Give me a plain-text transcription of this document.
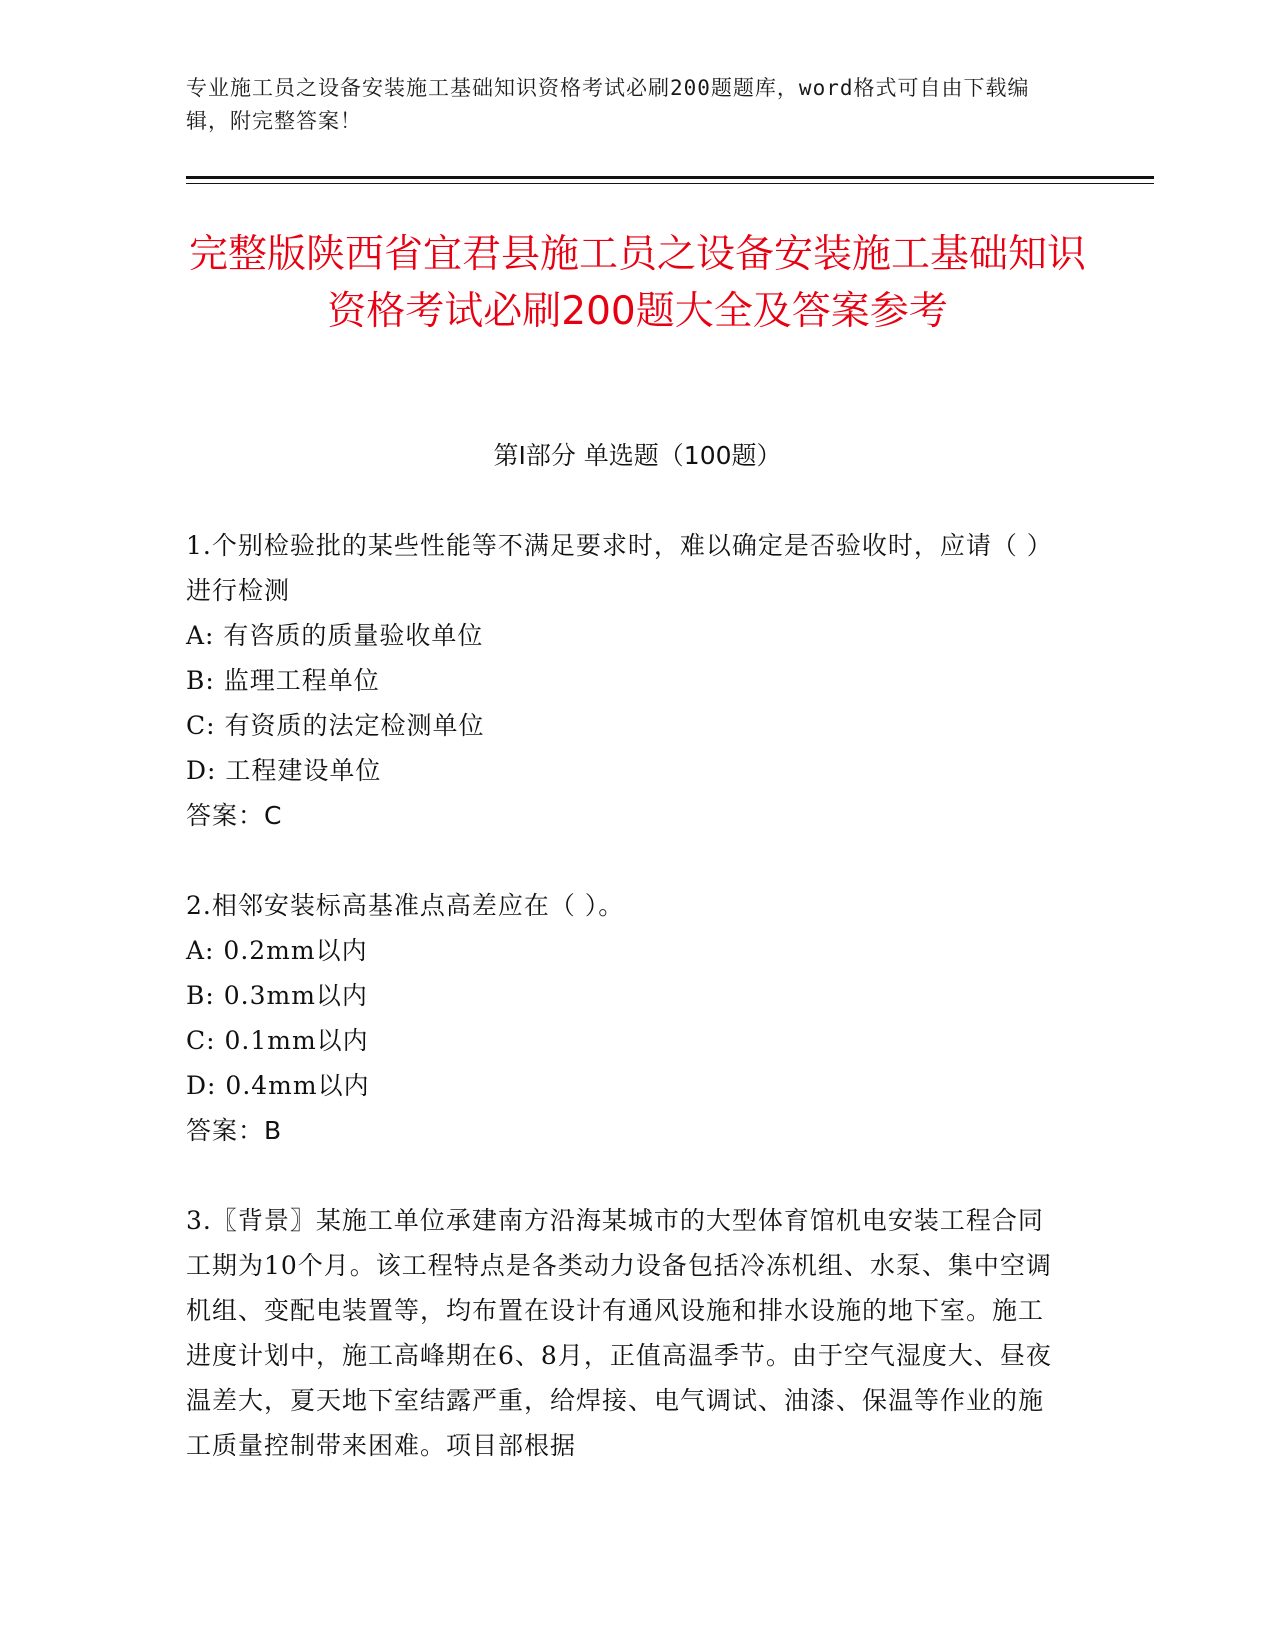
专业施工员之设备安装施工基础知识资格考试必刷200题题库，word格式可自由下载编辑，附完整答案！
完整版陕西省宜君县施工员之设备安装施工基础知识资格考试必刷200题大全及答案参考
第Ⅰ部分 单选题（100题）

1.个别检验批的某些性能等不满足要求时，难以确定是否验收时，应请（ ）进行检测

A: 有咨质的质量验收单位

B: 监理工程单位

C: 有资质的法定检测单位

D: 工程建设单位

答案：C

2.相邻安装标高基准点高差应在（ ）。

A: 0.2mm以内

B: 0.3mm以内

C: 0.1mm以内

D: 0.4mm以内

答案：B

3.〖背景〗某施工单位承建南方沿海某城市的大型体育馆机电安装工程合同工期为10个月。该工程特点是各类动力设备包括冷冻机组、水泵、集中空调机组、变配电装置等，均布置在设计有通风设施和排水设施的地下室。施工进度计划中，施工高峰期在6、8月，正值高温季节。由于空气湿度大、昼夜温差大，夏天地下室结露严重，给焊接、电气调试、油漆、保温等作业的施工质量控制带来困难。项目部根据
